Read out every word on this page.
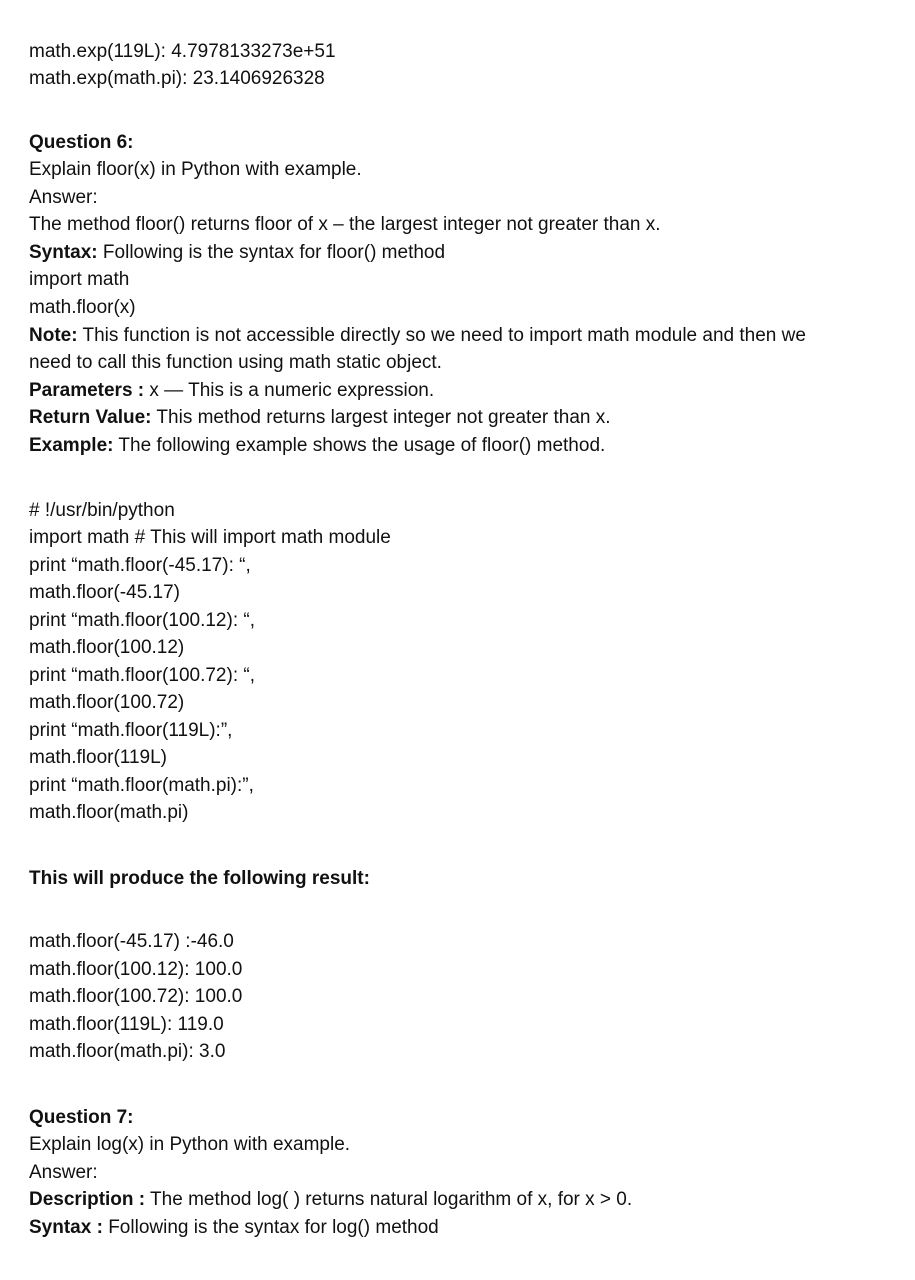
math.exp(119L): 4.7978133273e+51

math.exp(math.pi): 23.1406926328

Question 6:

Explain floor(x) in Python with example.

Answer:

The method floor() returns floor of x – the largest integer not greater than x.

Syntax: Following is the syntax for floor() method

import math

math.floor(x)

Note: This function is not accessible directly so we need to import math module and then we

need to call this function using math static object.

Parameters : x — This is a numeric expression.

Return Value: This method returns largest integer not greater than x.

Example: The following example shows the usage of floor() method.

# !/usr/bin/python

import math # This will import math module

print “math.floor(-45.17): “,

math.floor(-45.17)

print “math.floor(100.12): “,

math.floor(100.12)

print “math.floor(100.72): “,

math.floor(100.72)

print “math.floor(119L):”,

math.floor(119L)

print “math.floor(math.pi):”,

math.floor(math.pi)

This will produce the following result:

math.floor(-45.17) :-46.0

math.floor(100.12): 100.0

math.floor(100.72): 100.0

math.floor(119L): 119.0

math.floor(math.pi): 3.0

Question 7:

Explain log(x) in Python with example.

Answer:

Description : The method log( ) returns natural logarithm of x, for x > 0.

Syntax : Following is the syntax for log() method
